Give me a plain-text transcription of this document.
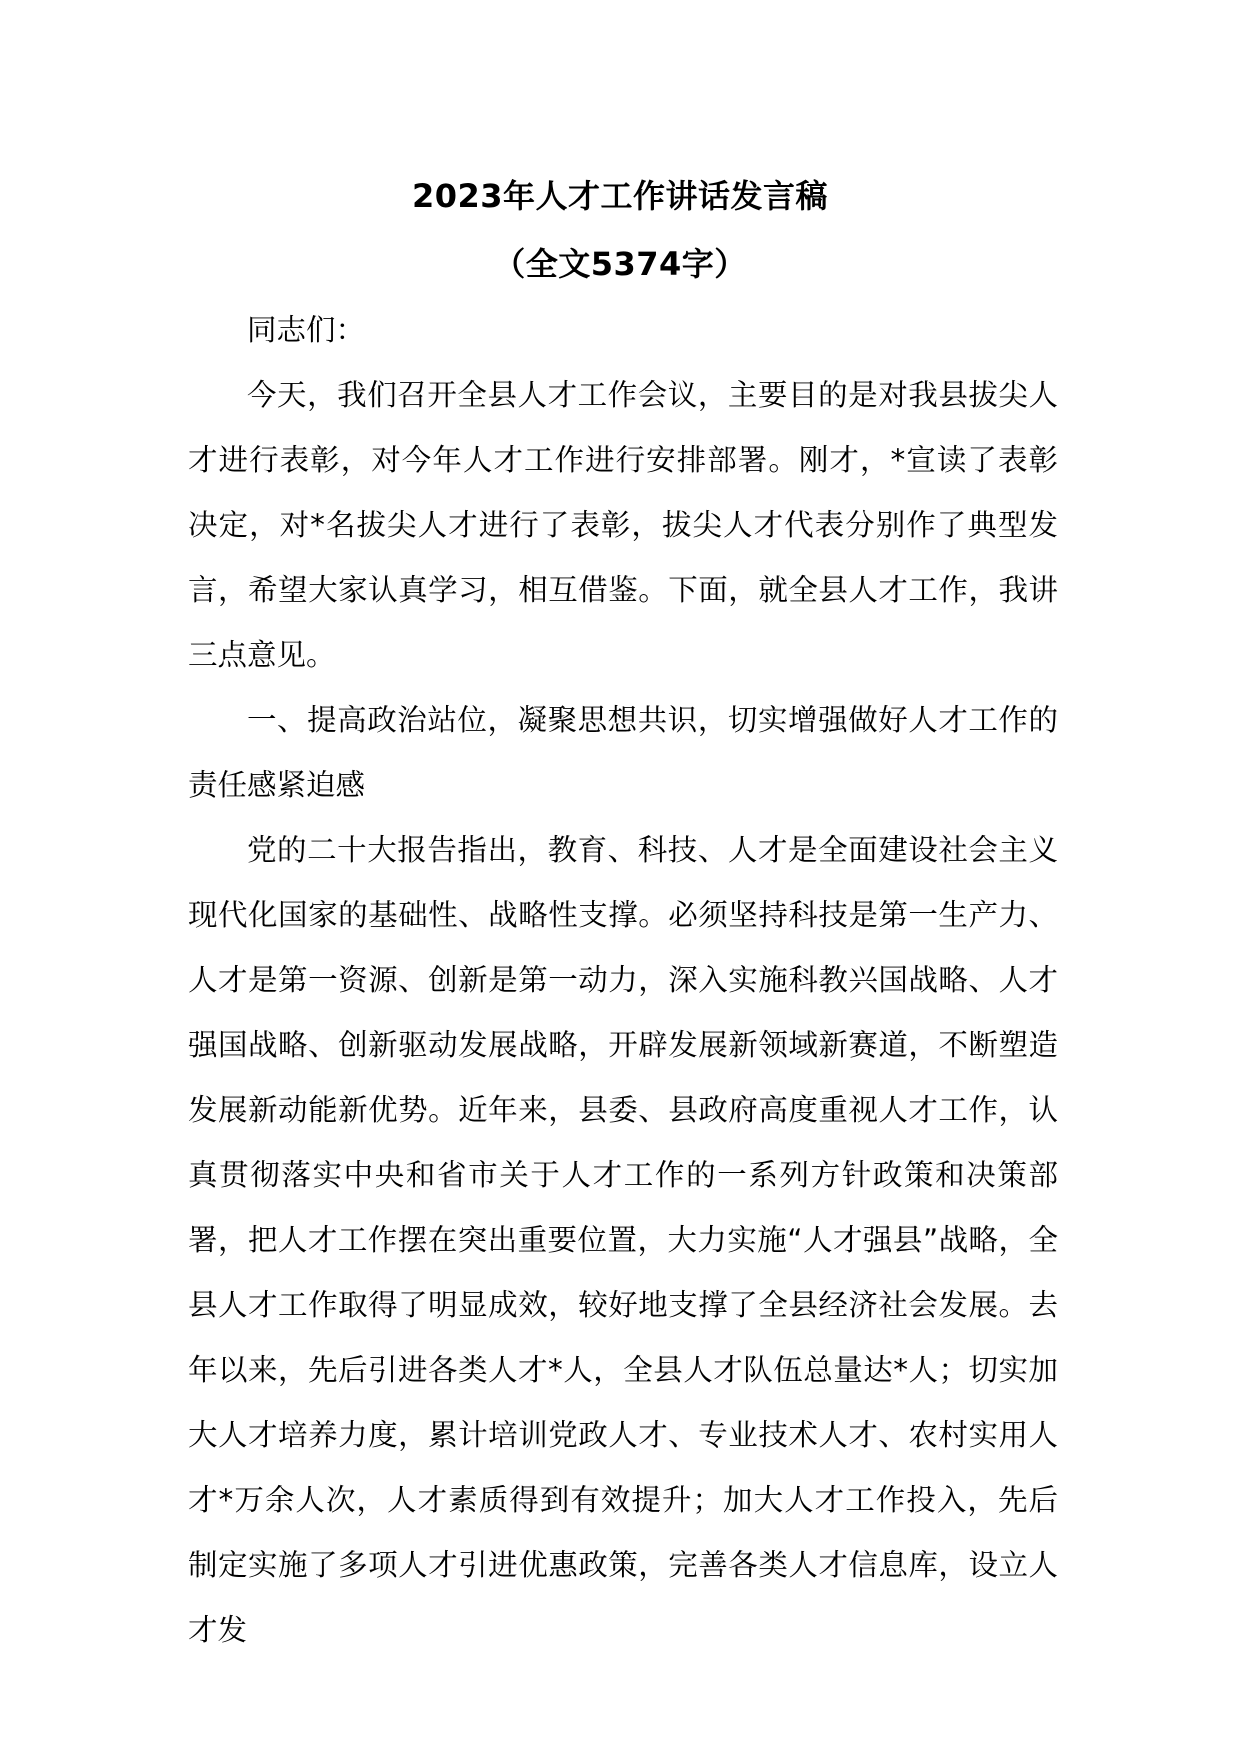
2023年人才工作讲话发言稿
（全文5374字）

同志们：

今天，我们召开全县人才工作会议，主要目的是对我县拔尖人才进行表彰，对今年人才工作进行安排部署。刚才，*宣读了表彰决定，对*名拔尖人才进行了表彰，拔尖人才代表分别作了典型发言，希望大家认真学习，相互借鉴。下面，就全县人才工作，我讲三点意见。

一、提高政治站位，凝聚思想共识，切实增强做好人才工作的责任感紧迫感

党的二十大报告指出，教育、科技、人才是全面建设社会主义现代化国家的基础性、战略性支撑。必须坚持科技是第一生产力、人才是第一资源、创新是第一动力，深入实施科教兴国战略、人才强国战略、创新驱动发展战略，开辟发展新领域新赛道，不断塑造发展新动能新优势。近年来，县委、县政府高度重视人才工作，认真贯彻落实中央和省市关于人才工作的一系列方针政策和决策部署，把人才工作摆在突出重要位置，大力实施“人才强县”战略，全县人才工作取得了明显成效，较好地支撑了全县经济社会发展。去年以来，先后引进各类人才*人，全县人才队伍总量达*人；切实加大人才培养力度，累计培训党政人才、专业技术人才、农村实用人才*万余人次，人才素质得到有效提升；加大人才工作投入，先后制定实施了多项人才引进优惠政策，完善各类人才信息库，设立人才发
